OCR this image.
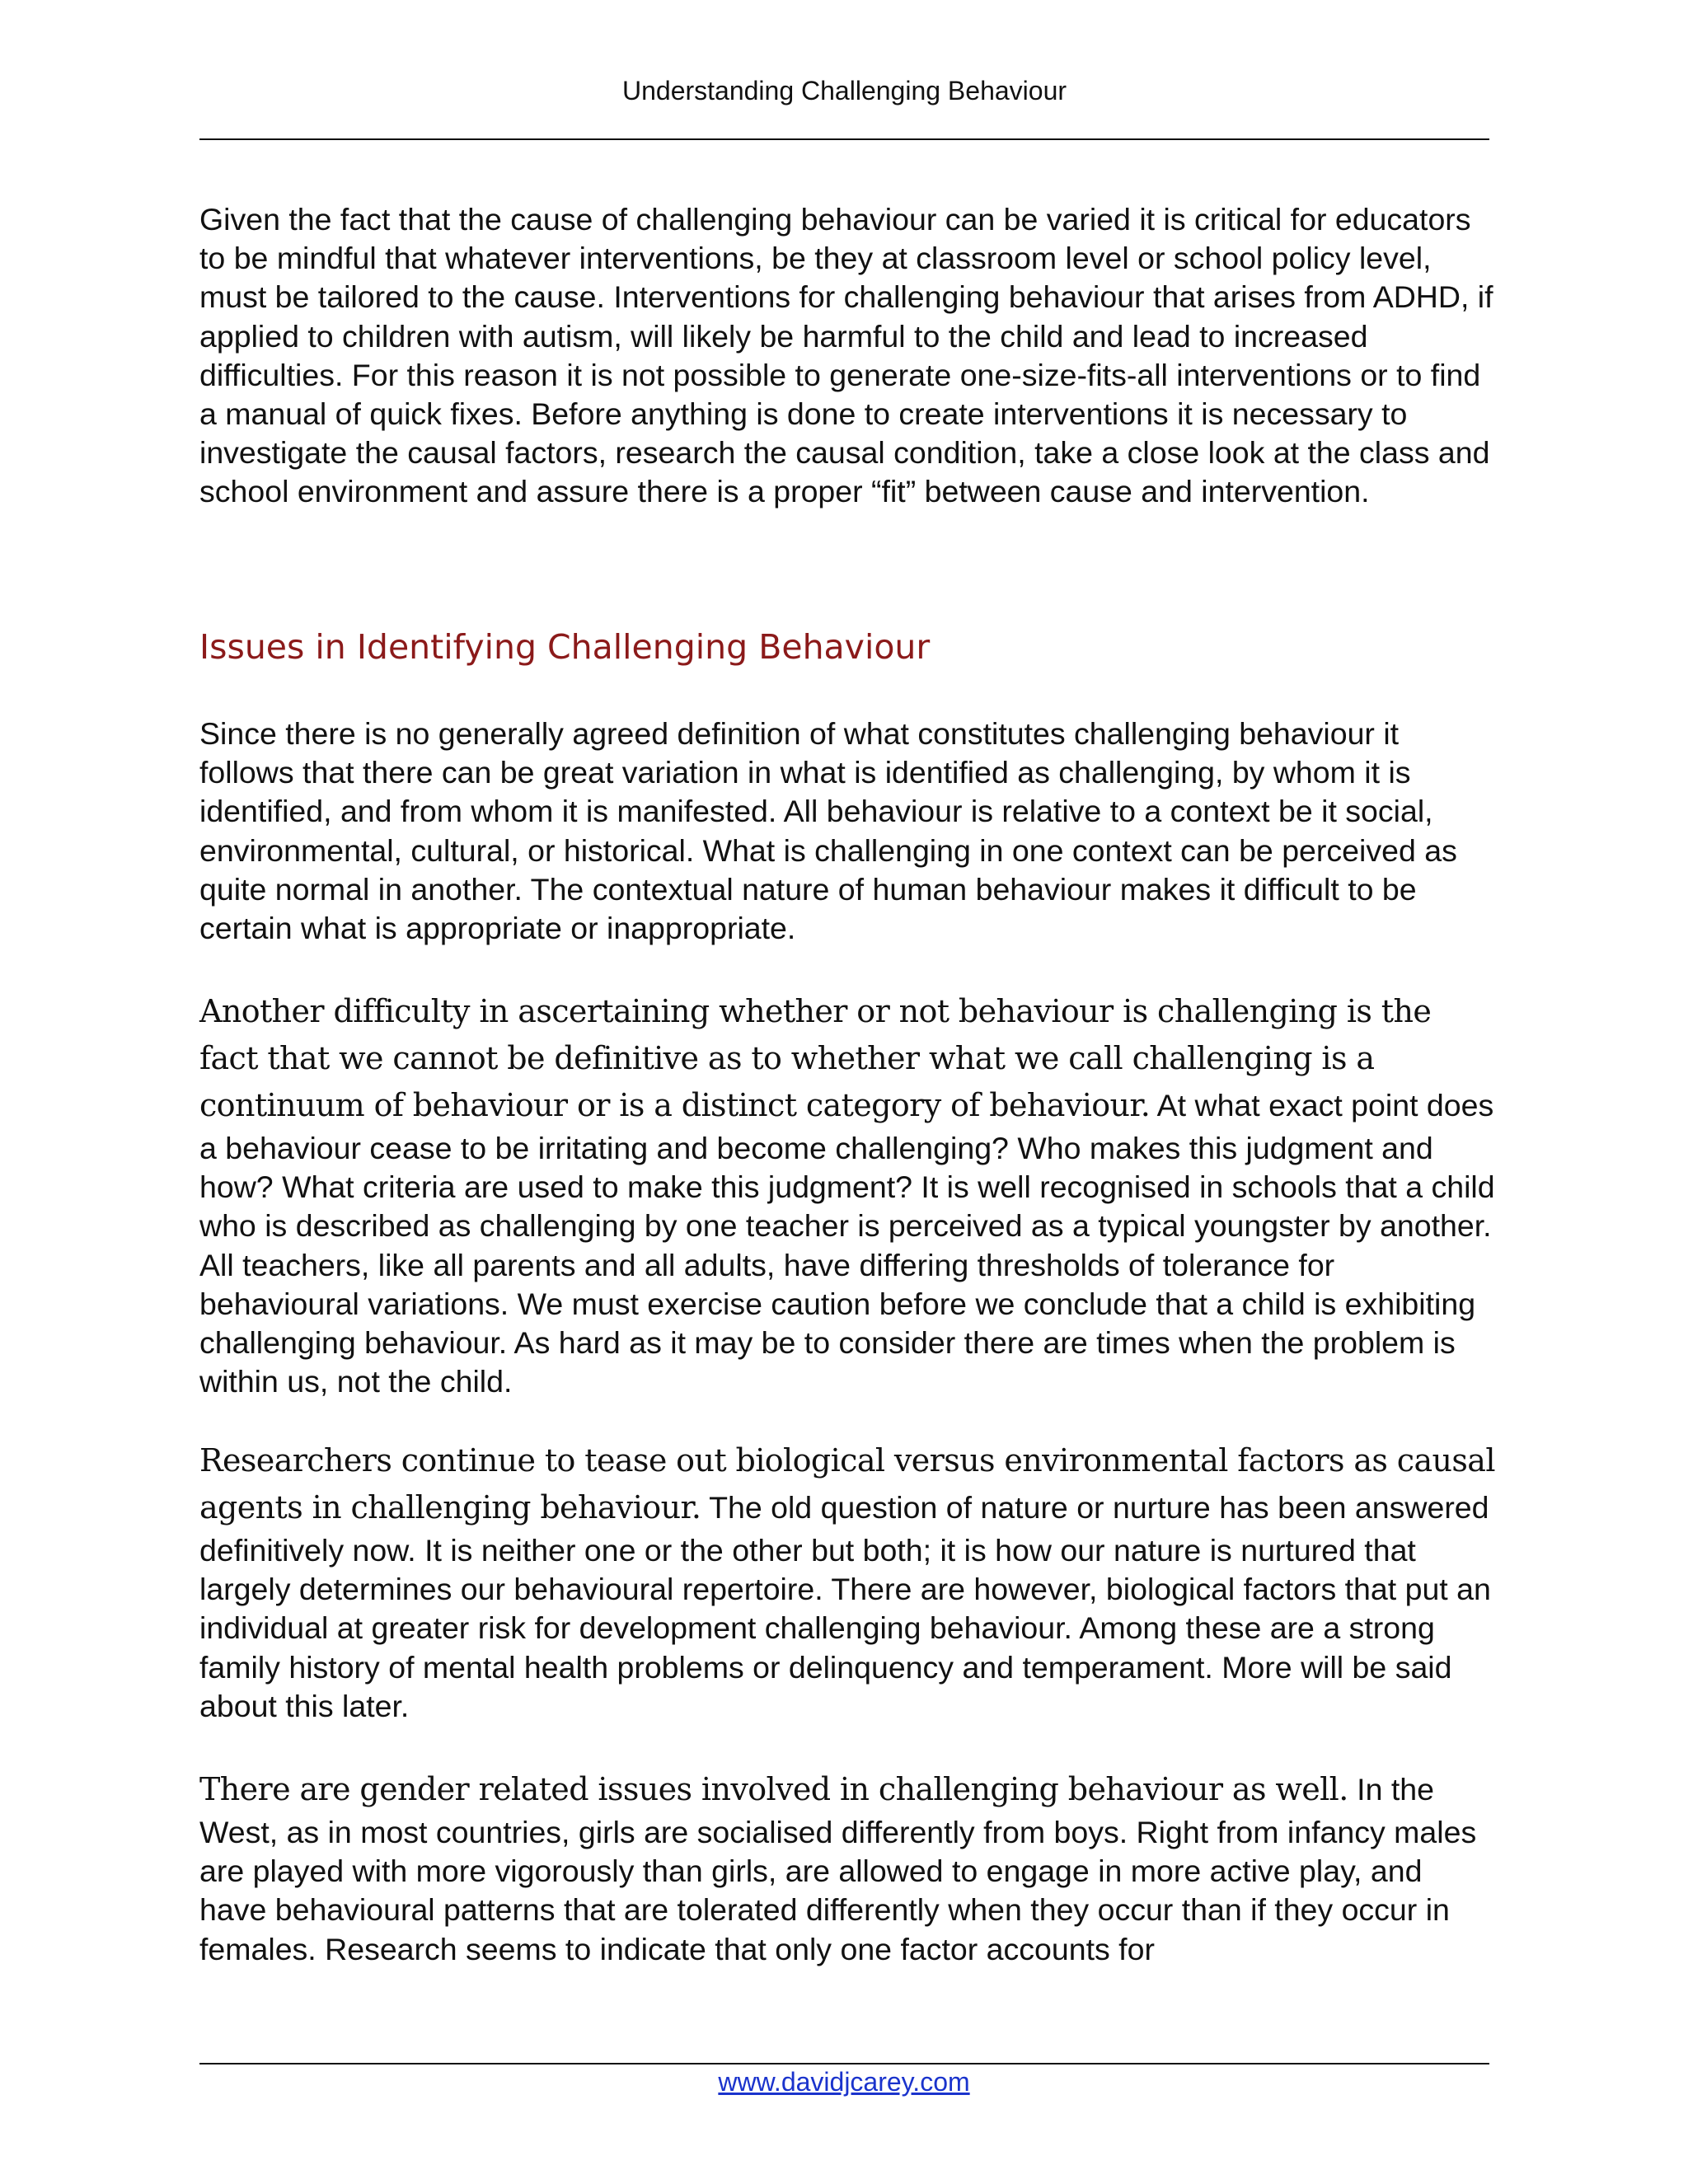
Understanding Challenging Behaviour

Given the fact that the cause of challenging behaviour can be varied it is critical for educators to be mindful that whatever interventions, be they at classroom level or school policy level, must be tailored to the cause. Interventions for challenging behaviour that arises from ADHD, if applied to children with autism, will likely be harmful to the child and lead to increased difficulties. For this reason it is not possible to generate one-size-fits-all interventions or to find a manual of quick fixes. Before anything is done to create interventions it is necessary to investigate the causal factors, research the causal condition, take a close look at the class and school environment and assure there is a proper “fit” between cause and intervention.

Issues in Identifying Challenging Behaviour

Since there is no generally agreed definition of what constitutes challenging behaviour it follows that there can be great variation in what is identified as challenging, by whom it is identified, and from whom it is manifested. All behaviour is relative to a context be it social, environmental, cultural, or historical. What is challenging in one context can be perceived as quite normal in another. The contextual nature of human behaviour makes it difficult to be certain what is appropriate or inappropriate.

Another difficulty in ascertaining whether or not behaviour is challenging is the fact that we cannot be definitive as to whether what we call challenging is a continuum of behaviour or is a distinct category of behaviour. At what exact point does a behaviour cease to be irritating and become challenging? Who makes this judgment and how? What criteria are used to make this judgment? It is well recognised in schools that a child who is described as challenging by one teacher is perceived as a typical youngster by another. All teachers, like all parents and all adults, have differing thresholds of tolerance for behavioural variations. We must exercise caution before we conclude that a child is exhibiting challenging behaviour. As hard as it may be to consider there are times when the problem is within us, not the child.

Researchers continue to tease out biological versus environmental factors as causal agents in challenging behaviour. The old question of nature or nurture has been answered definitively now. It is neither one or the other but both; it is how our nature is nurtured that largely determines our behavioural repertoire. There are however, biological factors that put an individual at greater risk for development challenging behaviour. Among these are a strong family history of mental health problems or delinquency and temperament. More will be said about this later.

There are gender related issues involved in challenging behaviour as well. In the West, as in most countries, girls are socialised differently from boys. Right from infancy males are played with more vigorously than girls, are allowed to engage in more active play, and have behavioural patterns that are tolerated differently when they occur than if they occur in females. Research seems to indicate that only one factor accounts for

www.davidjcarey.com
